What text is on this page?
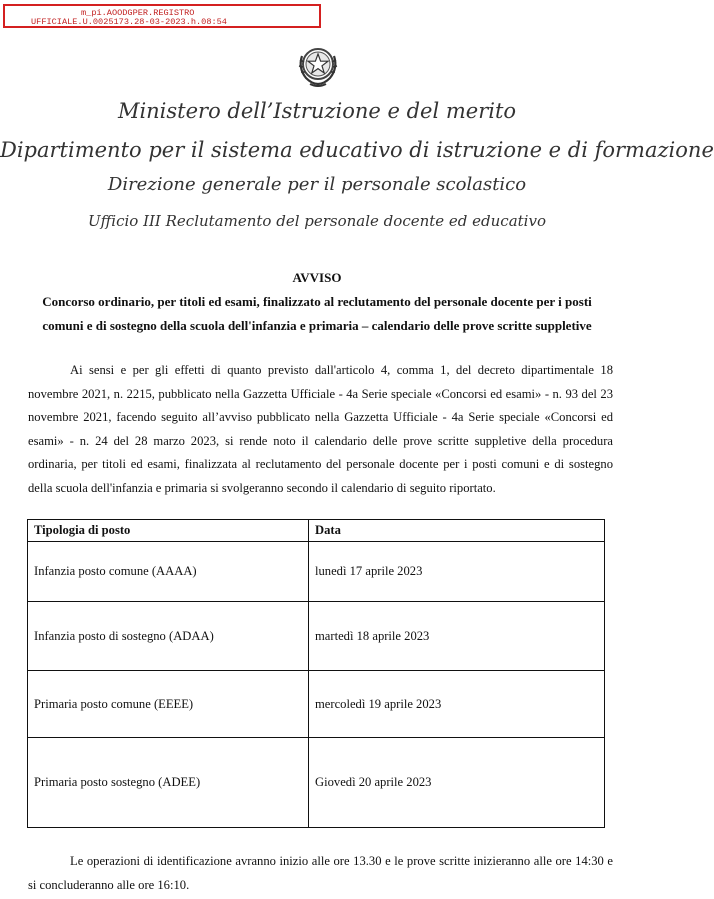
m_pi.AOODGPER.REGISTRO
UFFICIALE.U.0025173.28-03-2023.h.08:54
Ministero dell’Istruzione e del merito
Dipartimento per il sistema educativo di istruzione e di formazione
Direzione generale per il personale scolastico
Ufficio III Reclutamento del personale docente ed educativo
AVVISO
Concorso ordinario, per titoli ed esami, finalizzato al reclutamento del personale docente per i posti comuni e di sostegno della scuola dell'infanzia e primaria – calendario delle prove scritte suppletive

Ai sensi e per gli effetti di quanto previsto dall'articolo 4, comma 1, del decreto dipartimentale 18 novembre 2021, n. 2215, pubblicato nella Gazzetta Ufficiale - 4a Serie speciale «Concorsi ed esami» - n. 93 del 23 novembre 2021, facendo seguito all’avviso pubblicato nella Gazzetta Ufficiale - 4a Serie speciale «Concorsi ed esami» - n. 24 del 28 marzo 2023, si rende noto il calendario delle prove scritte suppletive della procedura ordinaria, per titoli ed esami, finalizzata al reclutamento del personale docente per i posti comuni e di sostegno della scuola dell'infanzia e primaria si svolgeranno secondo il calendario di seguito riportato.

Tipologia di posto	Data
Infanzia posto comune (AAAA)	lunedì 17 aprile 2023
Infanzia posto di sostegno (ADAA)	martedì 18 aprile 2023
Primaria posto comune (EEEE)	mercoledì 19 aprile 2023
Primaria posto sostegno (ADEE)	Giovedì 20 aprile 2023

Le operazioni di identificazione avranno inizio alle ore 13.30 e le prove scritte inizieranno alle ore 14:30 e si concluderanno alle ore 16:10.
